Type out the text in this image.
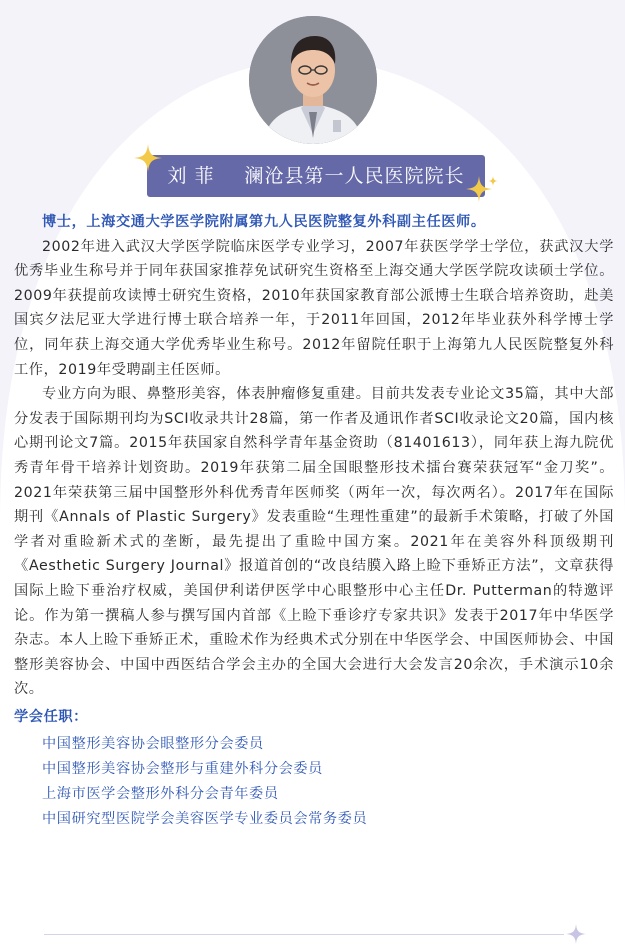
刘 菲 澜沧县第一人民医院院长

博士，上海交通大学医学院附属第九人民医院整复外科副主任医师。

2002年进入武汉大学医学院临床医学专业学习，2007年获医学学士学位，获武汉大学优秀毕业生称号并于同年获国家推荐免试研究生资格至上海交通大学医学院攻读硕士学位。2009年获提前攻读博士研究生资格，2010年获国家教育部公派博士生联合培养资助，赴美国宾夕法尼亚大学进行博士联合培养一年，于2011年回国，2012年毕业获外科学博士学位，同年获上海交通大学优秀毕业生称号。2012年留院任职于上海第九人民医院整复外科工作，2019年受聘副主任医师。

专业方向为眼、鼻整形美容，体表肿瘤修复重建。目前共发表专业论文35篇，其中大部分发表于国际期刊均为SCI收录共计28篇，第一作者及通讯作者SCI收录论文20篇，国内核心期刊论文7篇。2015年获国家自然科学青年基金资助（81401613），同年获上海九院优秀青年骨干培养计划资助。2019年获第二届全国眼整形技术擂台赛荣获冠军“金刀奖”。2021年荣获第三届中国整形外科优秀青年医师奖（两年一次，每次两名）。2017年在国际期刊《Annals of Plastic Surgery》发表重睑“生理性重建”的最新手术策略，打破了外国学者对重睑新术式的垄断，最先提出了重睑中国方案。2021年在美容外科顶级期刊《Aesthetic Surgery Journal》报道首创的“改良结膜入路上睑下垂矫正方法”，文章获得国际上睑下垂治疗权威，美国伊利诺伊医学中心眼整形中心主任Dr. Putterman的特邀评论。作为第一撰稿人参与撰写国内首部《上睑下垂诊疗专家共识》发表于2017年中华医学杂志。本人上睑下垂矫正术，重睑术作为经典术式分别在中华医学会、中国医师协会、中国整形美容协会、中国中西医结合学会主办的全国大会进行大会发言20余次，手术演示10余次。

学会任职：

中国整形美容协会眼整形分会委员
中国整形美容协会整形与重建外科分会委员
上海市医学会整形外科分会青年委员
中国研究型医院学会美容医学专业委员会常务委员
